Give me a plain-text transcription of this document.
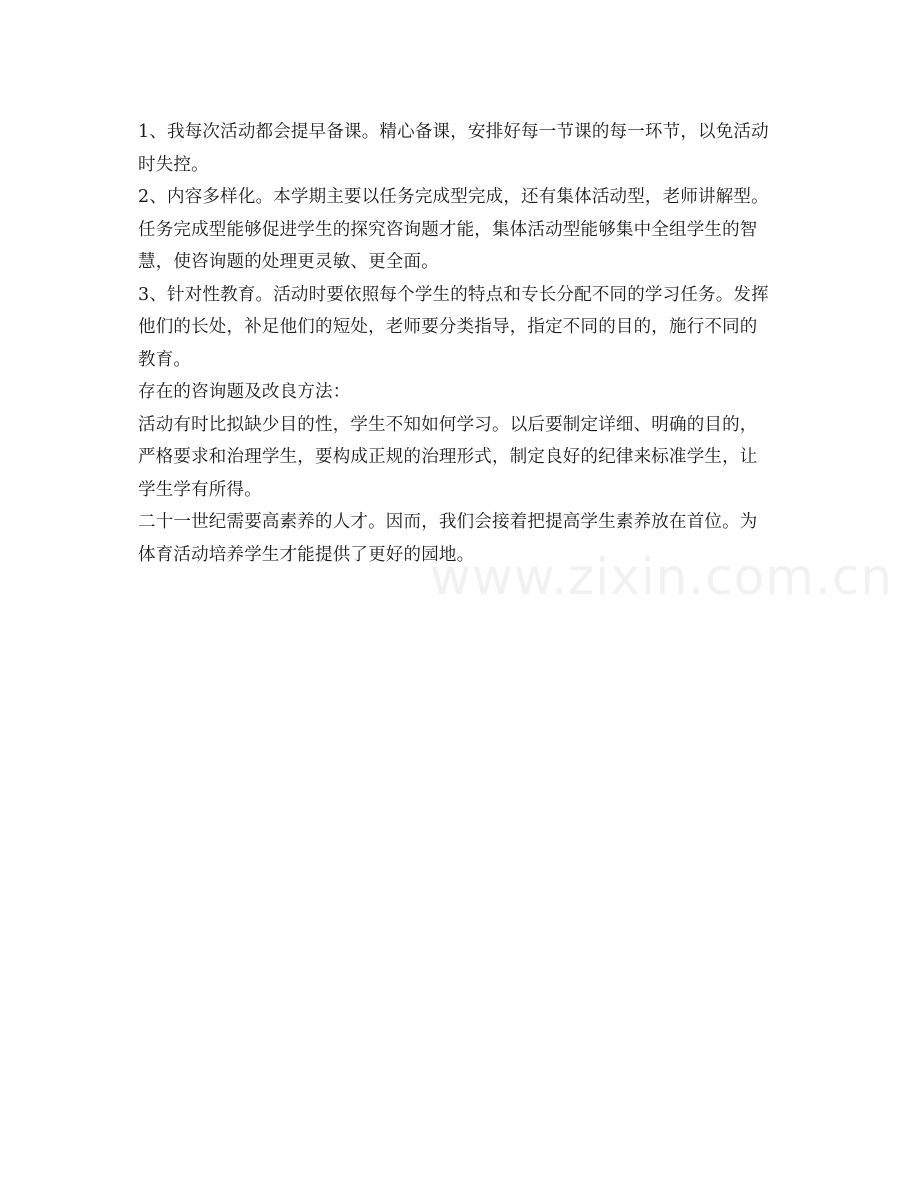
1、我每次活动都会提早备课。精心备课，安排好每一节课的每一环节，以免活动

时失控。

2、内容多样化。本学期主要以任务完成型完成，还有集体活动型，老师讲解型。

任务完成型能够促进学生的探究咨询题才能，集体活动型能够集中全组学生的智

慧，使咨询题的处理更灵敏、更全面。

3、针对性教育。活动时要依照每个学生的特点和专长分配不同的学习任务。发挥

他们的长处，补足他们的短处，老师要分类指导，指定不同的目的，施行不同的

教育。

存在的咨询题及改良方法：

活动有时比拟缺少目的性，学生不知如何学习。以后要制定详细、明确的目的，

严格要求和治理学生，要构成正规的治理形式，制定良好的纪律来标准学生，让

学生学有所得。

二十一世纪需要高素养的人才。因而，我们会接着把提高学生素养放在首位。为

体育活动培养学生才能提供了更好的园地。

www.zixin.com.cn
